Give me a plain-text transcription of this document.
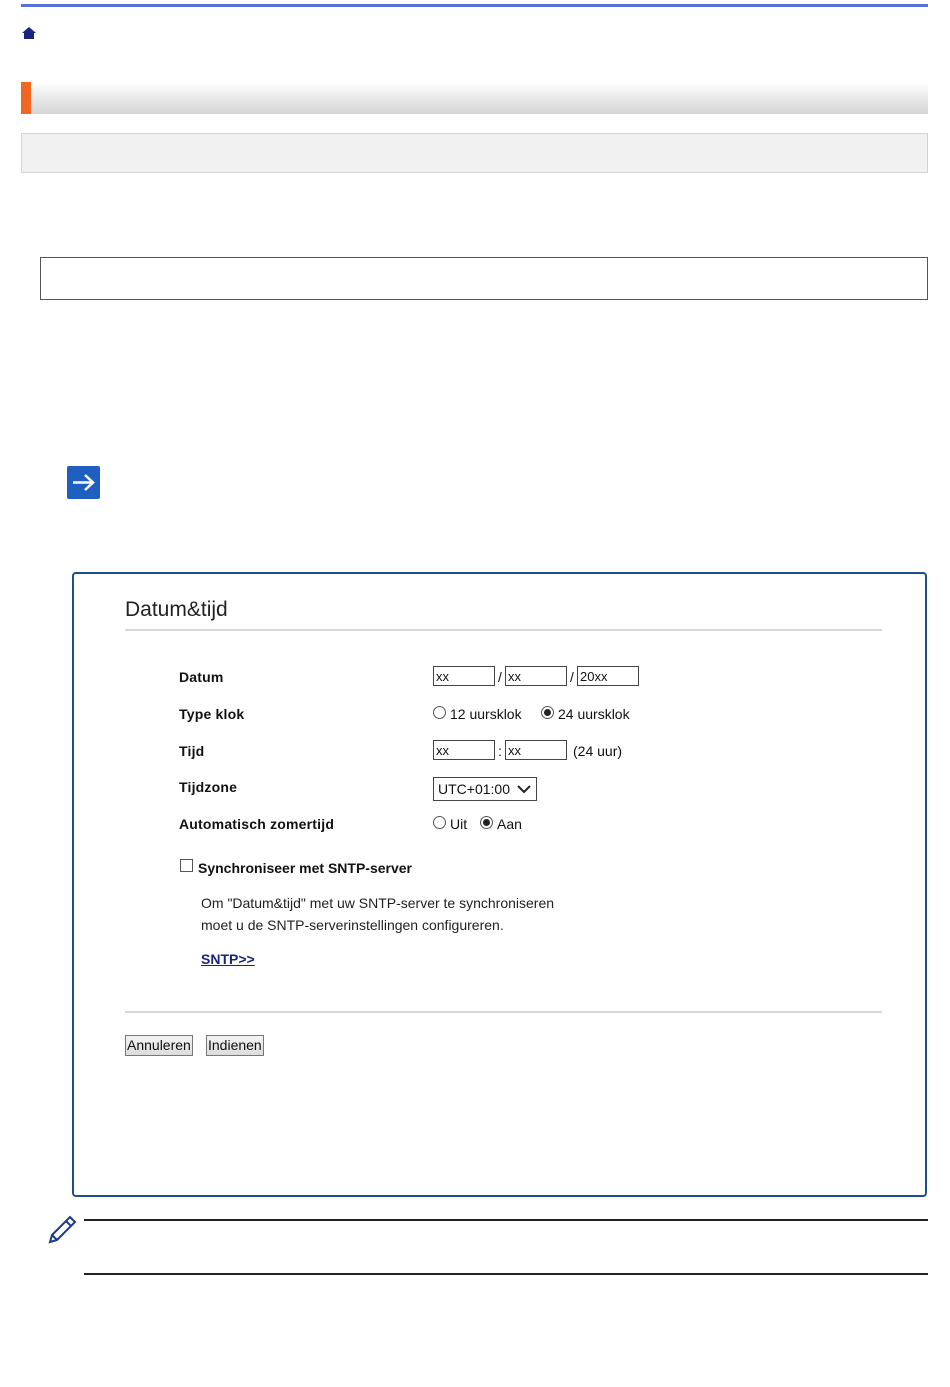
Datum&tijd
Datum	xx	/ xx	/ 20xx
Type klok	12 uursklok	24 uursklok
Tijd	xx	: xx	(24 uur)
Tijdzone	UTC+01:00
Automatisch zomertijd	Uit Aan
Synchroniseer met SNTP-server
Om "Datum&tijd" met uw SNTP-server te synchroniseren
moet u de SNTP-serverinstellingen configureren.
SNTP>>
Annuleren Indienen
